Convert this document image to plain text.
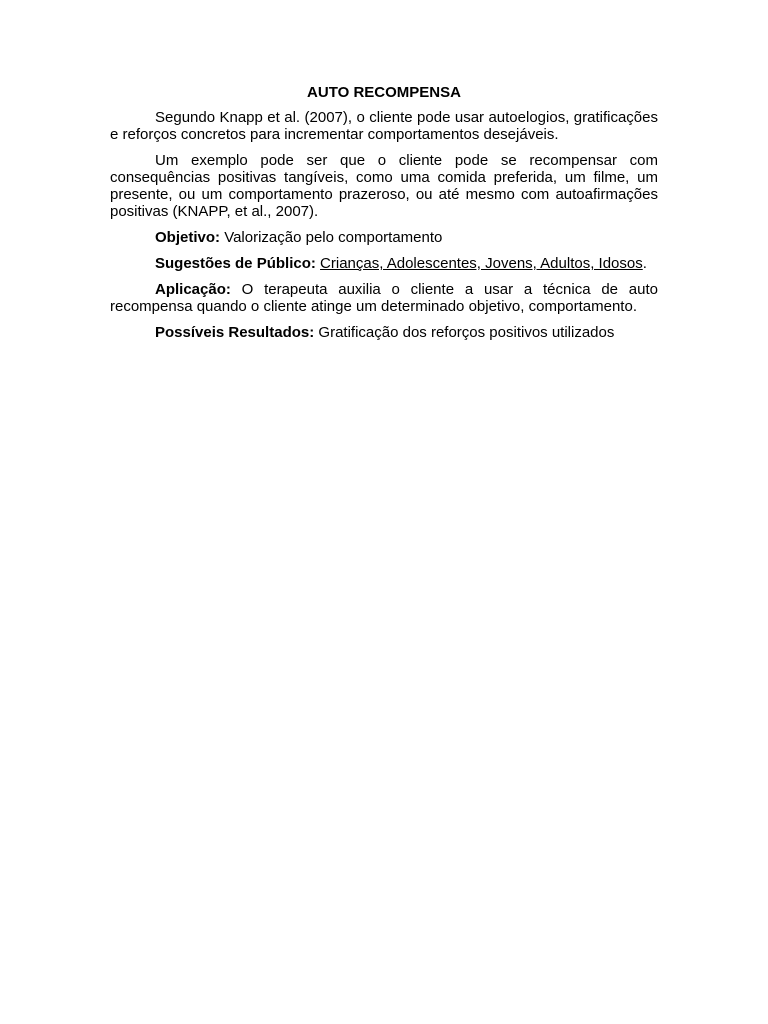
AUTO RECOMPENSA

Segundo Knapp et al. (2007), o cliente pode usar autoelogios, gratificações e reforços concretos para incrementar comportamentos desejáveis.

Um exemplo pode ser que o cliente pode se recompensar com consequências positivas tangíveis, como uma comida preferida, um filme, um presente, ou um comportamento prazeroso, ou até mesmo com autoafirmações positivas (KNAPP, et al., 2007).

Objetivo: Valorização pelo comportamento

Sugestões de Público: Crianças, Adolescentes, Jovens, Adultos, Idosos.

Aplicação: O terapeuta auxilia o cliente a usar a técnica de auto recompensa quando o cliente atinge um determinado objetivo, comportamento.

Possíveis Resultados: Gratificação dos reforços positivos utilizados
